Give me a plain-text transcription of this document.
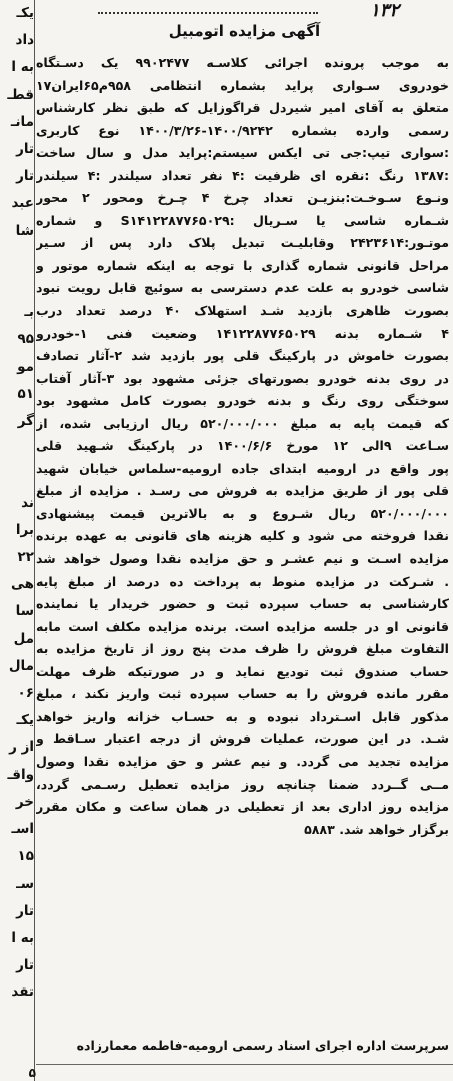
یکـ
داد
به ا
قطـ
مانـ
تار
تار
عبد
شا

بـ
۹۵
مو
۵۱
گر

ند
برا
۲۲
هی
سا
مل
مال
۰۶
یکـ
از ر
واقـ
خر
اسـ
۱۵
سـ
تار
به ا
تار
تقد
۱۳۲
آگهی مزایده اتومبیل
به موجب پرونده اجرائی کلاسـه ۹۹۰۲۴۷۷ یک دسـتگاه
خودروی سـواری پراید بشماره انتظامی ۹۵۸م۶۵ایران۱۷
متعلق به آقای امیر شیردل قراگوزایل که طبق نظر کارشناس
رسمی وارده بشماره ۱۴۰۰/۹۲۴۲-۱۴۰۰/۳/۲۶ نوع کاربری
:سواری تیپ:جی تی ایکس سیستم:پراید مدل و سال ساخت
:۱۳۸۷ رنگ :نقره ای ظرفیت :۴ نفر تعداد سیلندر :۴ سیلندر
ونـوع سـوخـت:بنزیـن تعداد چرخ ۴ چـرخ ومحور ۲ محور
شـماره شاسی یا سـریال :S۱۴۱۲۲۸۷۷۶۵۰۲۹ و شماره
موتـور:۲۴۲۳۶۱۴ وقابلیـت تبدیل پلاک دارد پس از سـیر
مراحل قانونی شماره گذاری با توجه به اینکه شماره موتور و
شاسی خودرو به علت عدم دسترسی به سوئیچ قابل رویت نبود
بصورت ظاهری بازدید شـد استهلاک ۴۰ درصد تعداد درب
۴ شـماره بدنه ۱۴۱۲۲۸۷۷۶۵۰۲۹ وضعیت فنی ۱-خودرو
بصورت خاموش در پارکینگ قلی پور بازدید شد ۲-آثار تصادف
در روی بدنه خودرو بصورتهای جزئی مشهود بود ۳-آثار آفتاب
سوختگی روی رنگ و بدنه خودرو بصورت کامل مشهود بود
که قیمت پایه به مبلغ ۵۲۰/۰۰۰/۰۰۰ ریال ارزیابی شده، از
سـاعت ۹الی ۱۲ مورخ ۱۴۰۰/۶/۶ در پارکینگ شـهید قلی
پور واقع در ارومیه ابتدای جاده ارومیه-سلماس خیابان شهید
قلی پور از طریق مزایده به فروش می رسـد . مزایده از مبلغ
۵۲۰/۰۰۰/۰۰۰ ریال شـروع و به بالاترین قیمت پیشنهادی
نقدا فروخته می شود و کلیه هزینه های قانونی به عهده برنده
مزایده اسـت و نیم عشـر و حق مزایده نقدا وصول خواهد شد
. شـرکت در مزایده منوط به پرداخت ده درصد از مبلغ پایه
کارشناسی به حساب سپرده ثبت و حضور خریدار یا نماینده
قانونی او در جلسه مزایده است. برنده مزایده مکلف است مابه
التفاوت مبلغ فروش را ظرف مدت پنج روز از تاریخ مزایده به
حساب صندوق ثبت تودیع نماید و در صورتیکه ظرف مهلت
مقرر مانده فروش را به حساب سپرده ثبت واریز نکند ، مبلغ
مذکور قابل اسـترداد نبوده و به حسـاب خزانه واریز خواهد
شـد. در این صورت، عملیات فروش از درجه اعتبار سـاقط و
مزایده تجدید می گردد. و نیم عشر و حق مزایده نقدا وصول
مــی گــردد ضمنا چنانچه روز مزایده تعطیل رسـمی گردد،
مزایده روز اداری بعد از تعطیلی در همان ساعت و مکان مقرر
برگزار خواهد شد. ۵۸۸۳
سرپرست اداره اجرای اسناد رسمی ارومیه-فاطمه معمارزاده
۵
